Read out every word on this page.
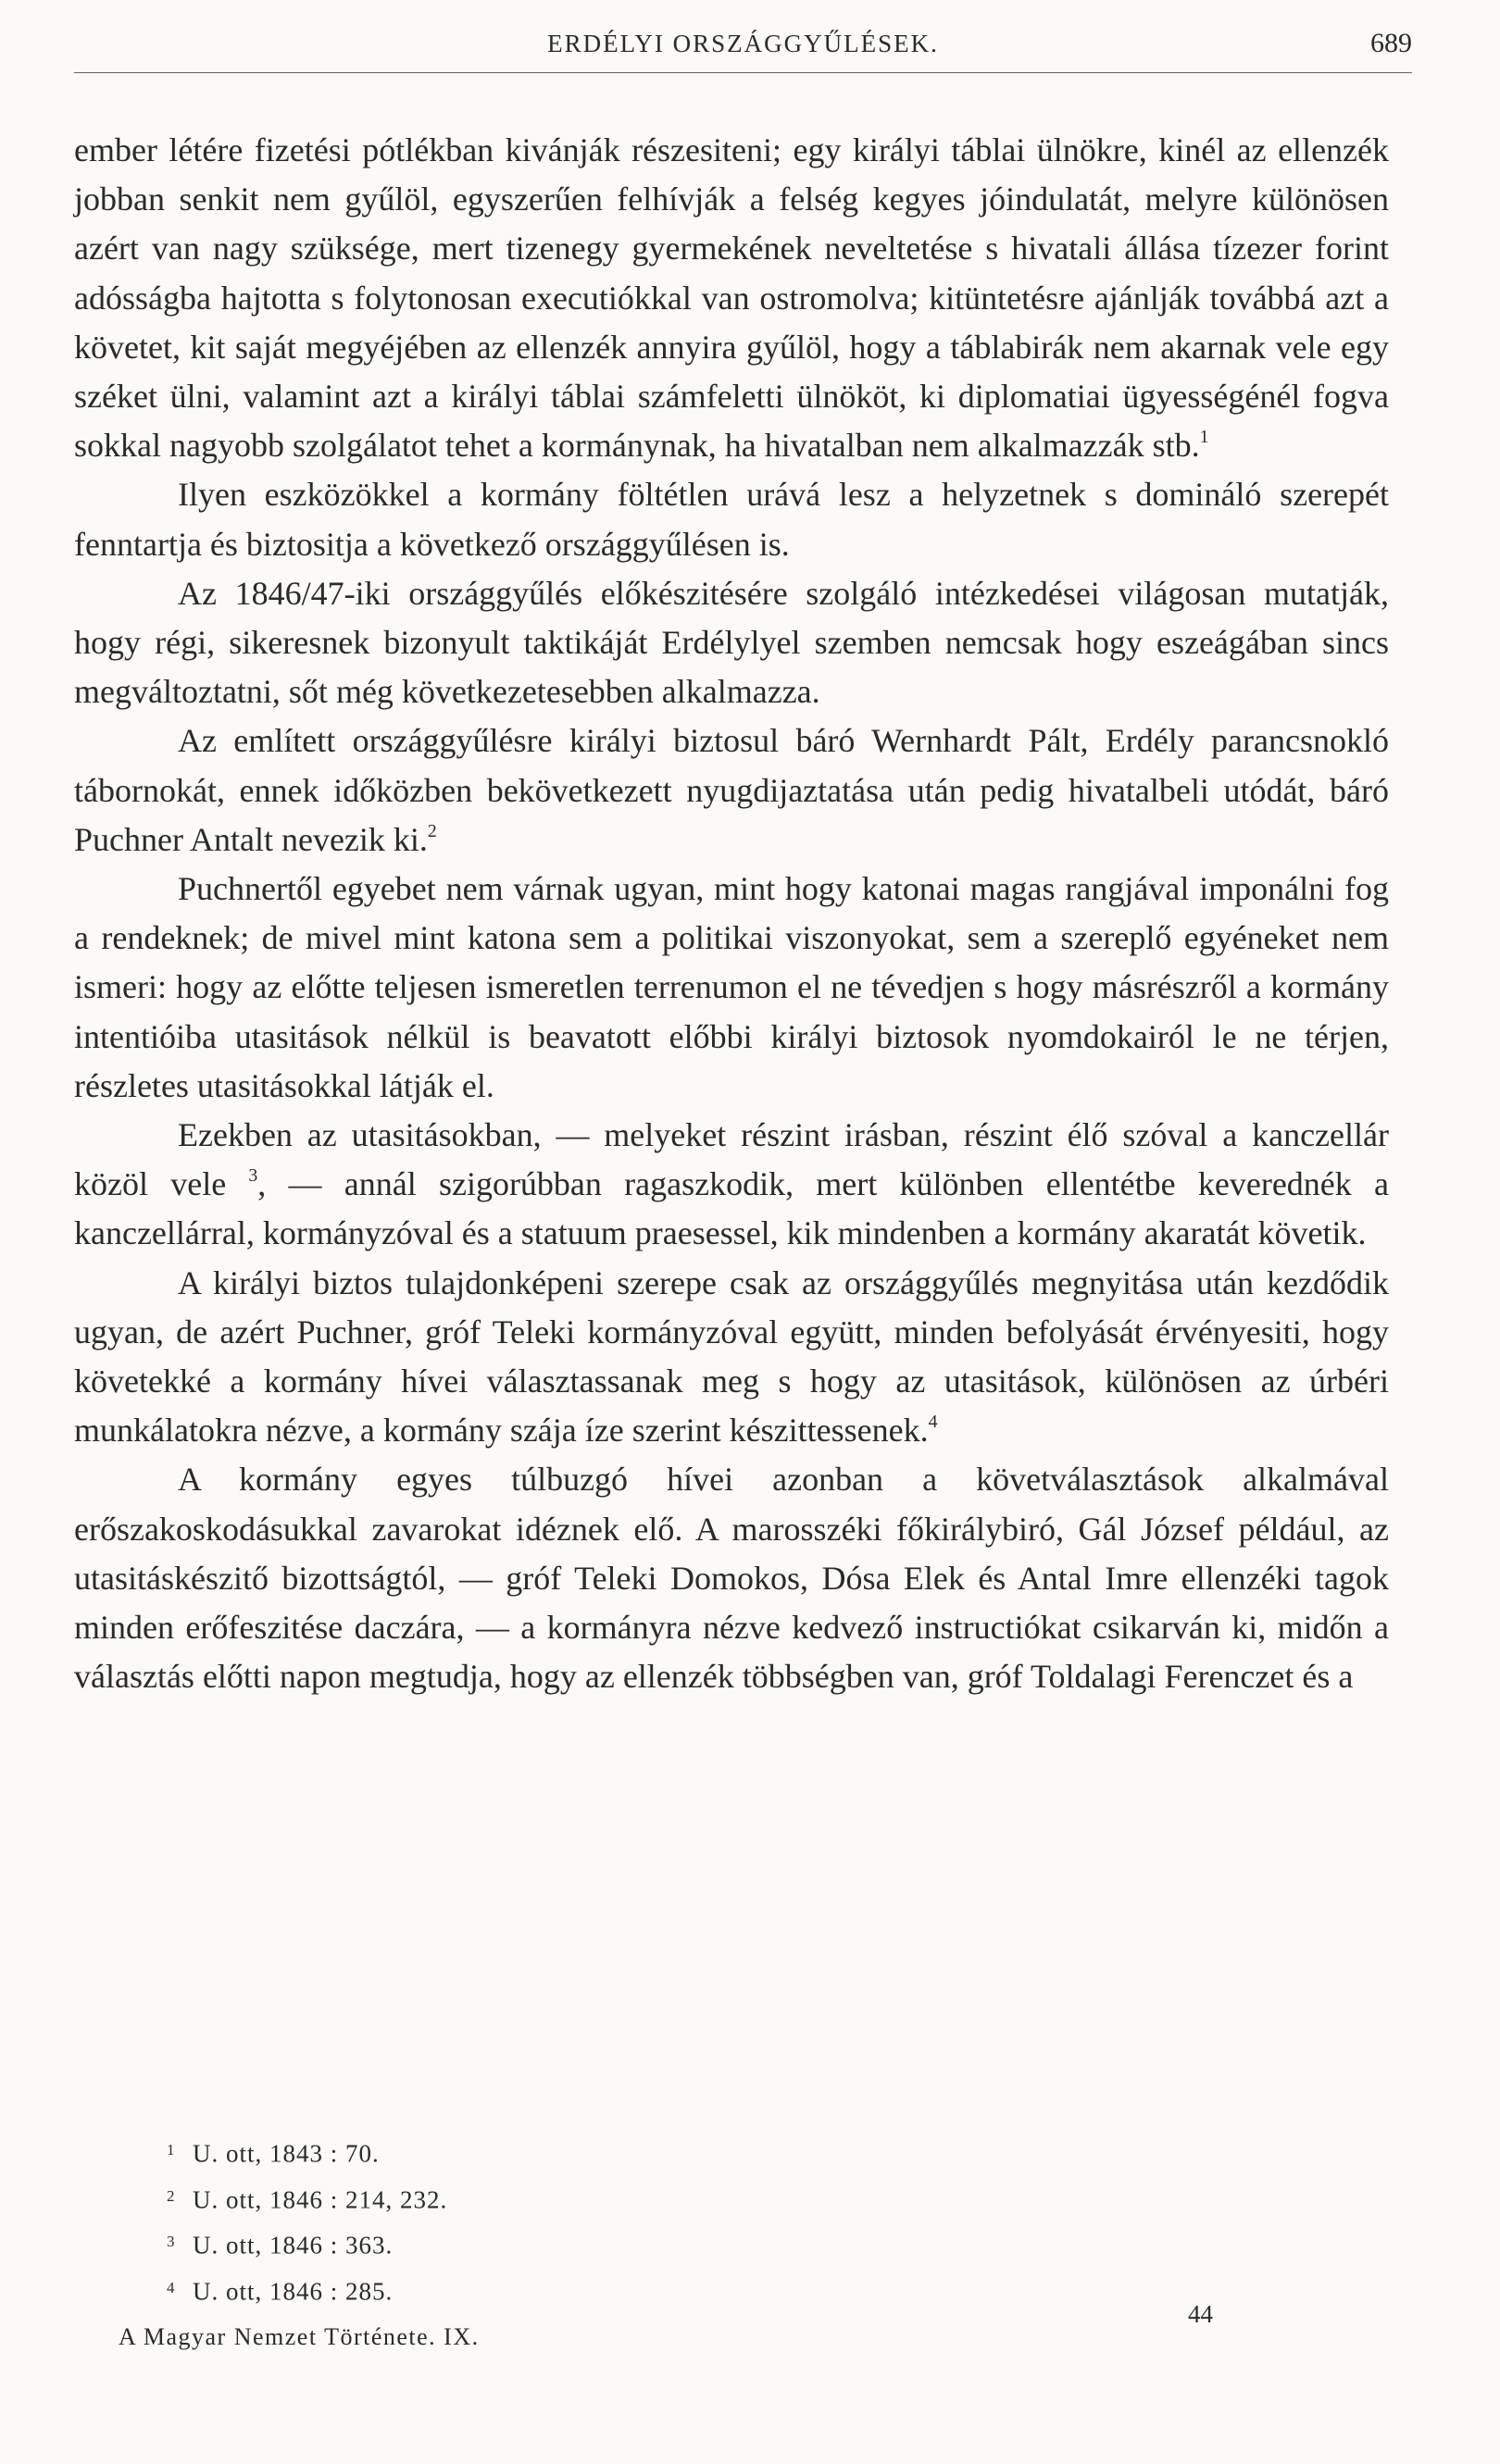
ERDÉLYI ORSZÁGGYŰLÉSEK.	689

ember létére fizetési pótlékban kivánják részesiteni; egy királyi táblai ülnökre, kinél az ellenzék jobban senkit nem gyűlöl, egyszerűen felhívják a felség kegyes jóindulatát, melyre különösen azért van nagy szüksége, mert tizenegy gyermekének neveltetése s hivatali állása tízezer forint adósságba hajtotta s folytonosan executiókkal van ostromolva; kitüntetésre ajánlják továbbá azt a követet, kit saját megyéjében az ellenzék annyira gyűlöl, hogy a táblabirák nem akarnak vele egy széket ülni, valamint azt a királyi táblai számfeletti ülnököt, ki diplomatiai ügyességénél fogva sokkal nagyobb szolgálatot tehet a kormánynak, ha hivatalban nem alkalmazzák stb.$^1$

Ilyen eszközökkel a kormány föltétlen urává lesz a helyzetnek s domináló szerepét fenntartja és biztositja a következő országgyűlésen is.

Az 1846/47-iki országgyűlés előkészitésére szolgáló intézkedései világosan mutatják, hogy régi, sikeresnek bizonyult taktikáját Erdélylyel szemben nemcsak hogy eszeágában sincs megváltoztatni, sőt még következetesebben alkalmazza.

Az említett országgyűlésre királyi biztosul báró Wernhardt Pált, Erdély parancsnokló tábornokát, ennek időközben bekövetkezett nyugdijaztatása után pedig hivatalbeli utódát, báró Puchner Antalt nevezik ki.$^2$

Puchnertől egyebet nem várnak ugyan, mint hogy katonai magas rangjával imponálni fog a rendeknek; de mivel mint katona sem a politikai viszonyokat, sem a szereplő egyéneket nem ismeri: hogy az előtte teljesen ismeretlen terrenumon el ne tévedjen s hogy másrészről a kormány intentióiba utasitások nélkül is beavatott előbbi királyi biztosok nyomdokairól le ne térjen, részletes utasitásokkal látják el.

Ezekben az utasitásokban, — melyeket részint irásban, részint élő szóval a kanczellár közöl vele $^3$, — annál szigorúbban ragaszkodik, mert különben ellentétbe keverednék a kanczellárral, kormányzóval és a statuum praesessel, kik mindenben a kormány akaratát követik.

A királyi biztos tulajdonképeni szerepe csak az országgyűlés megnyitása után kezdődik ugyan, de azért Puchner, gróf Teleki kormányzóval együtt, minden befolyását érvényesiti, hogy követekké a kormány hívei választassanak meg s hogy az utasitások, különösen az úrbéri munkálatokra nézve, a kormány szája íze szerint készittessenek.$^4$

A kormány egyes túlbuzgó hívei azonban a követválasztások alkalmával erőszakoskodásukkal zavarokat idéznek elő. A marosszéki főkirálybiró, Gál József például, az utasitáskészitő bizottságtól, — gróf Teleki Domokos, Dósa Elek és Antal Imre ellenzéki tagok minden erőfeszitése daczára, — a kormányra nézve kedvező instructiókat csikarván ki, midőn a választás előtti napon megtudja, hogy az ellenzék többségben van, gróf Toldalagi Ferenczet és a

1 U. ott, 1843 : 70.
2 U. ott, 1846 : 214, 232.
3 U. ott, 1846 : 363.
4 U. ott, 1846 : 285.
44
A Magyar Nemzet Története. IX.
